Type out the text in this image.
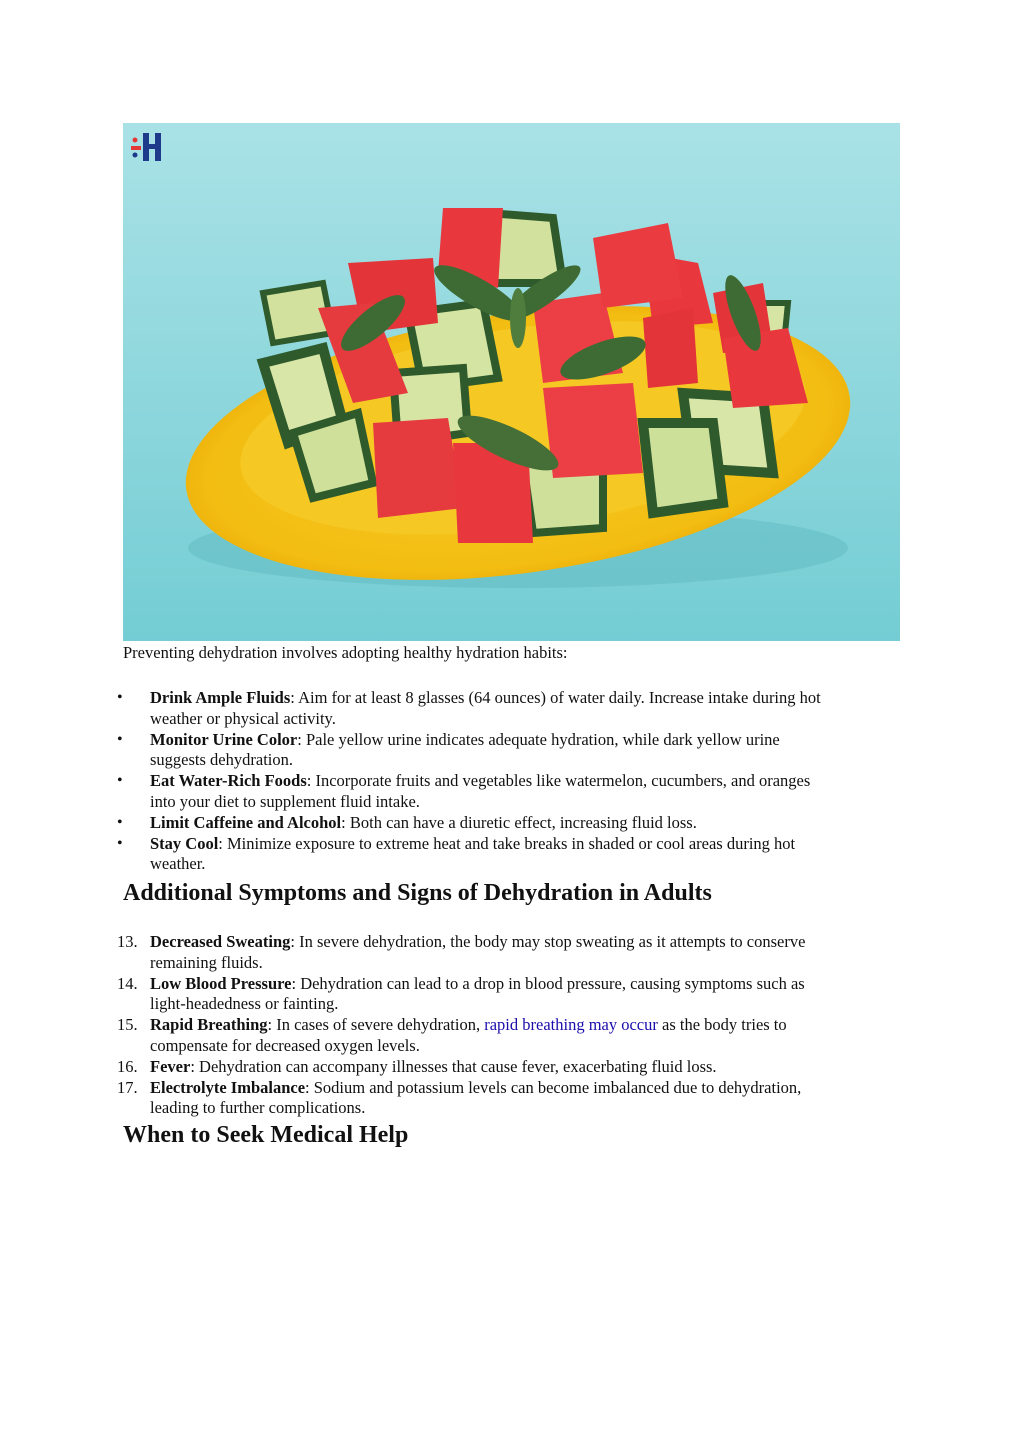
Preventing dehydration involves adopting healthy hydration habits:
• Drink Ample Fluids: Aim for at least 8 glasses (64 ounces) of water daily. Increase intake during hot
weather or physical activity.
• Monitor Urine Color: Pale yellow urine indicates adequate hydration, while dark yellow urine
suggests dehydration.
• Eat Water-Rich Foods: Incorporate fruits and vegetables like watermelon, cucumbers, and oranges
into your diet to supplement fluid intake.
• Limit Caffeine and Alcohol: Both can have a diuretic effect, increasing fluid loss.
• Stay Cool: Minimize exposure to extreme heat and take breaks in shaded or cool areas during hot
weather.
Additional Symptoms and Signs of Dehydration in Adults
13. Decreased Sweating: In severe dehydration, the body may stop sweating as it attempts to conserve
remaining fluids.
14. Low Blood Pressure: Dehydration can lead to a drop in blood pressure, causing symptoms such as
light-headedness or fainting.
15. Rapid Breathing: In cases of severe dehydration, rapid breathing may occur as the body tries to
compensate for decreased oxygen levels.
16. Fever: Dehydration can accompany illnesses that cause fever, exacerbating fluid loss.
17. Electrolyte Imbalance: Sodium and potassium levels can become imbalanced due to dehydration,
leading to further complications.
When to Seek Medical Help
